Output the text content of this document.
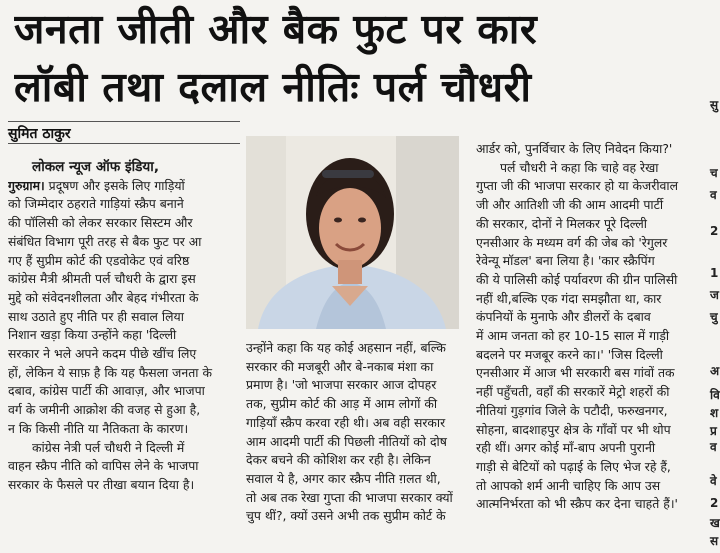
जनता जीती और बैक फुट पर कार
लॉबी तथा दलाल नीतिः पर्ल चौधरी
सुमित ठाकुर

लोकल न्यूज ऑफ इंडिया,

गुरुग्राम। प्रदूषण और इसके लिए गाड़ियों

को जिम्मेदार ठहराते गाड़ियां स्क्रैप बनाने

की पॉलिसी को लेकर सरकार सिस्टम और

संबंधित विभाग पूरी तरह से बैक फुट पर आ

गए हैं सुप्रीम कोर्ट की एडवोकेट एवं वरिष्ठ

कांग्रेस मैत्री श्रीमती पर्ल चौधरी के द्वारा इस

मुद्दे को संवेदनशीलता और बेहद गंभीरता के

साथ उठाते हुए नीति पर ही सवाल लिया

निशान खड़ा किया उन्होंने कहा 'दिल्ली

सरकार ने भले अपने कदम पीछे खींच लिए

हों, लेकिन ये साफ़ है कि यह फैसला जनता के

दबाव, कांग्रेस पार्टी की आवाज़, और भाजपा

वर्ग के जमीनी आक्रोश की वजह से हुआ है,

न कि किसी नीति या नैतिकता के कारण।

कांग्रेस नेत्री पर्ल चौधरी ने दिल्ली में

वाहन स्क्रैप नीति को वापिस लेने के भाजपा

सरकार के फैसले पर तीखा बयान दिया है।

उन्होंने कहा कि यह कोई अहसान नहीं, बल्कि

सरकार की मजबूरी और बे-नकाब मंशा का

प्रमाण है। 'जो भाजपा सरकार आज दोपहर

तक, सुप्रीम कोर्ट की आड़ में आम लोगों की

गाड़ियाँ स्क्रैप करवा रही थी। अब वही सरकार

आम आदमी पार्टी की पिछली नीतियों को दोष

देकर बचने की कोशिश कर रही है। लेकिन

सवाल ये है, अगर कार स्क्रैप नीति ग़लत थी,

तो अब तक रेखा गुप्ता की भाजपा सरकार क्यों

चुप थीं?, क्यों उसने अभी तक सुप्रीम कोर्ट के

आर्डर को, पुनर्विचार के लिए निवेदन किया?'

पर्ल चौधरी ने कहा कि चाहे वह रेखा

गुप्ता जी की भाजपा सरकार हो या केजरीवाल

जी और आतिशी जी की आम आदमी पार्टी

की सरकार, दोनों ने मिलकर पूरे दिल्ली

एनसीआर के मध्यम वर्ग की जेब को 'रेगुलर

रेवेन्यू मॉडल' बना लिया है। 'कार स्क्रैपिंग

की ये पालिसी कोई पर्यावरण की ग्रीन पालिसी

नहीं थी,बल्कि एक गंदा समझौता था, कार

कंपनियों के मुनाफे और डीलरों के दबाव

में आम जनता को हर 10-15 साल में गाड़ी

बदलने पर मजबूर करने का।' 'जिस दिल्ली

एनसीआर में आज भी सरकारी बस गांवों तक

नहीं पहुँचती, वहाँ की सरकारें मेट्रो शहरों की

नीतियां गुड़गांव जिले के पटौदी, फरुखनगर,

सोहना, बादशाहपुर क्षेत्र के गाँवों पर भी थोप

रही थीं। अगर कोई माँ-बाप अपनी पुरानी

गाड़ी से बेटियों को पढ़ाई के लिए भेज रहे हैं,

तो आपको शर्म आनी चाहिए कि आप उस

आत्मनिर्भरता को भी स्क्रैप कर देना चाहते हैं।'

सु
च
व
2
1
ज
चु
अ
वि
श
प्र
व
वे
2
ख
स
